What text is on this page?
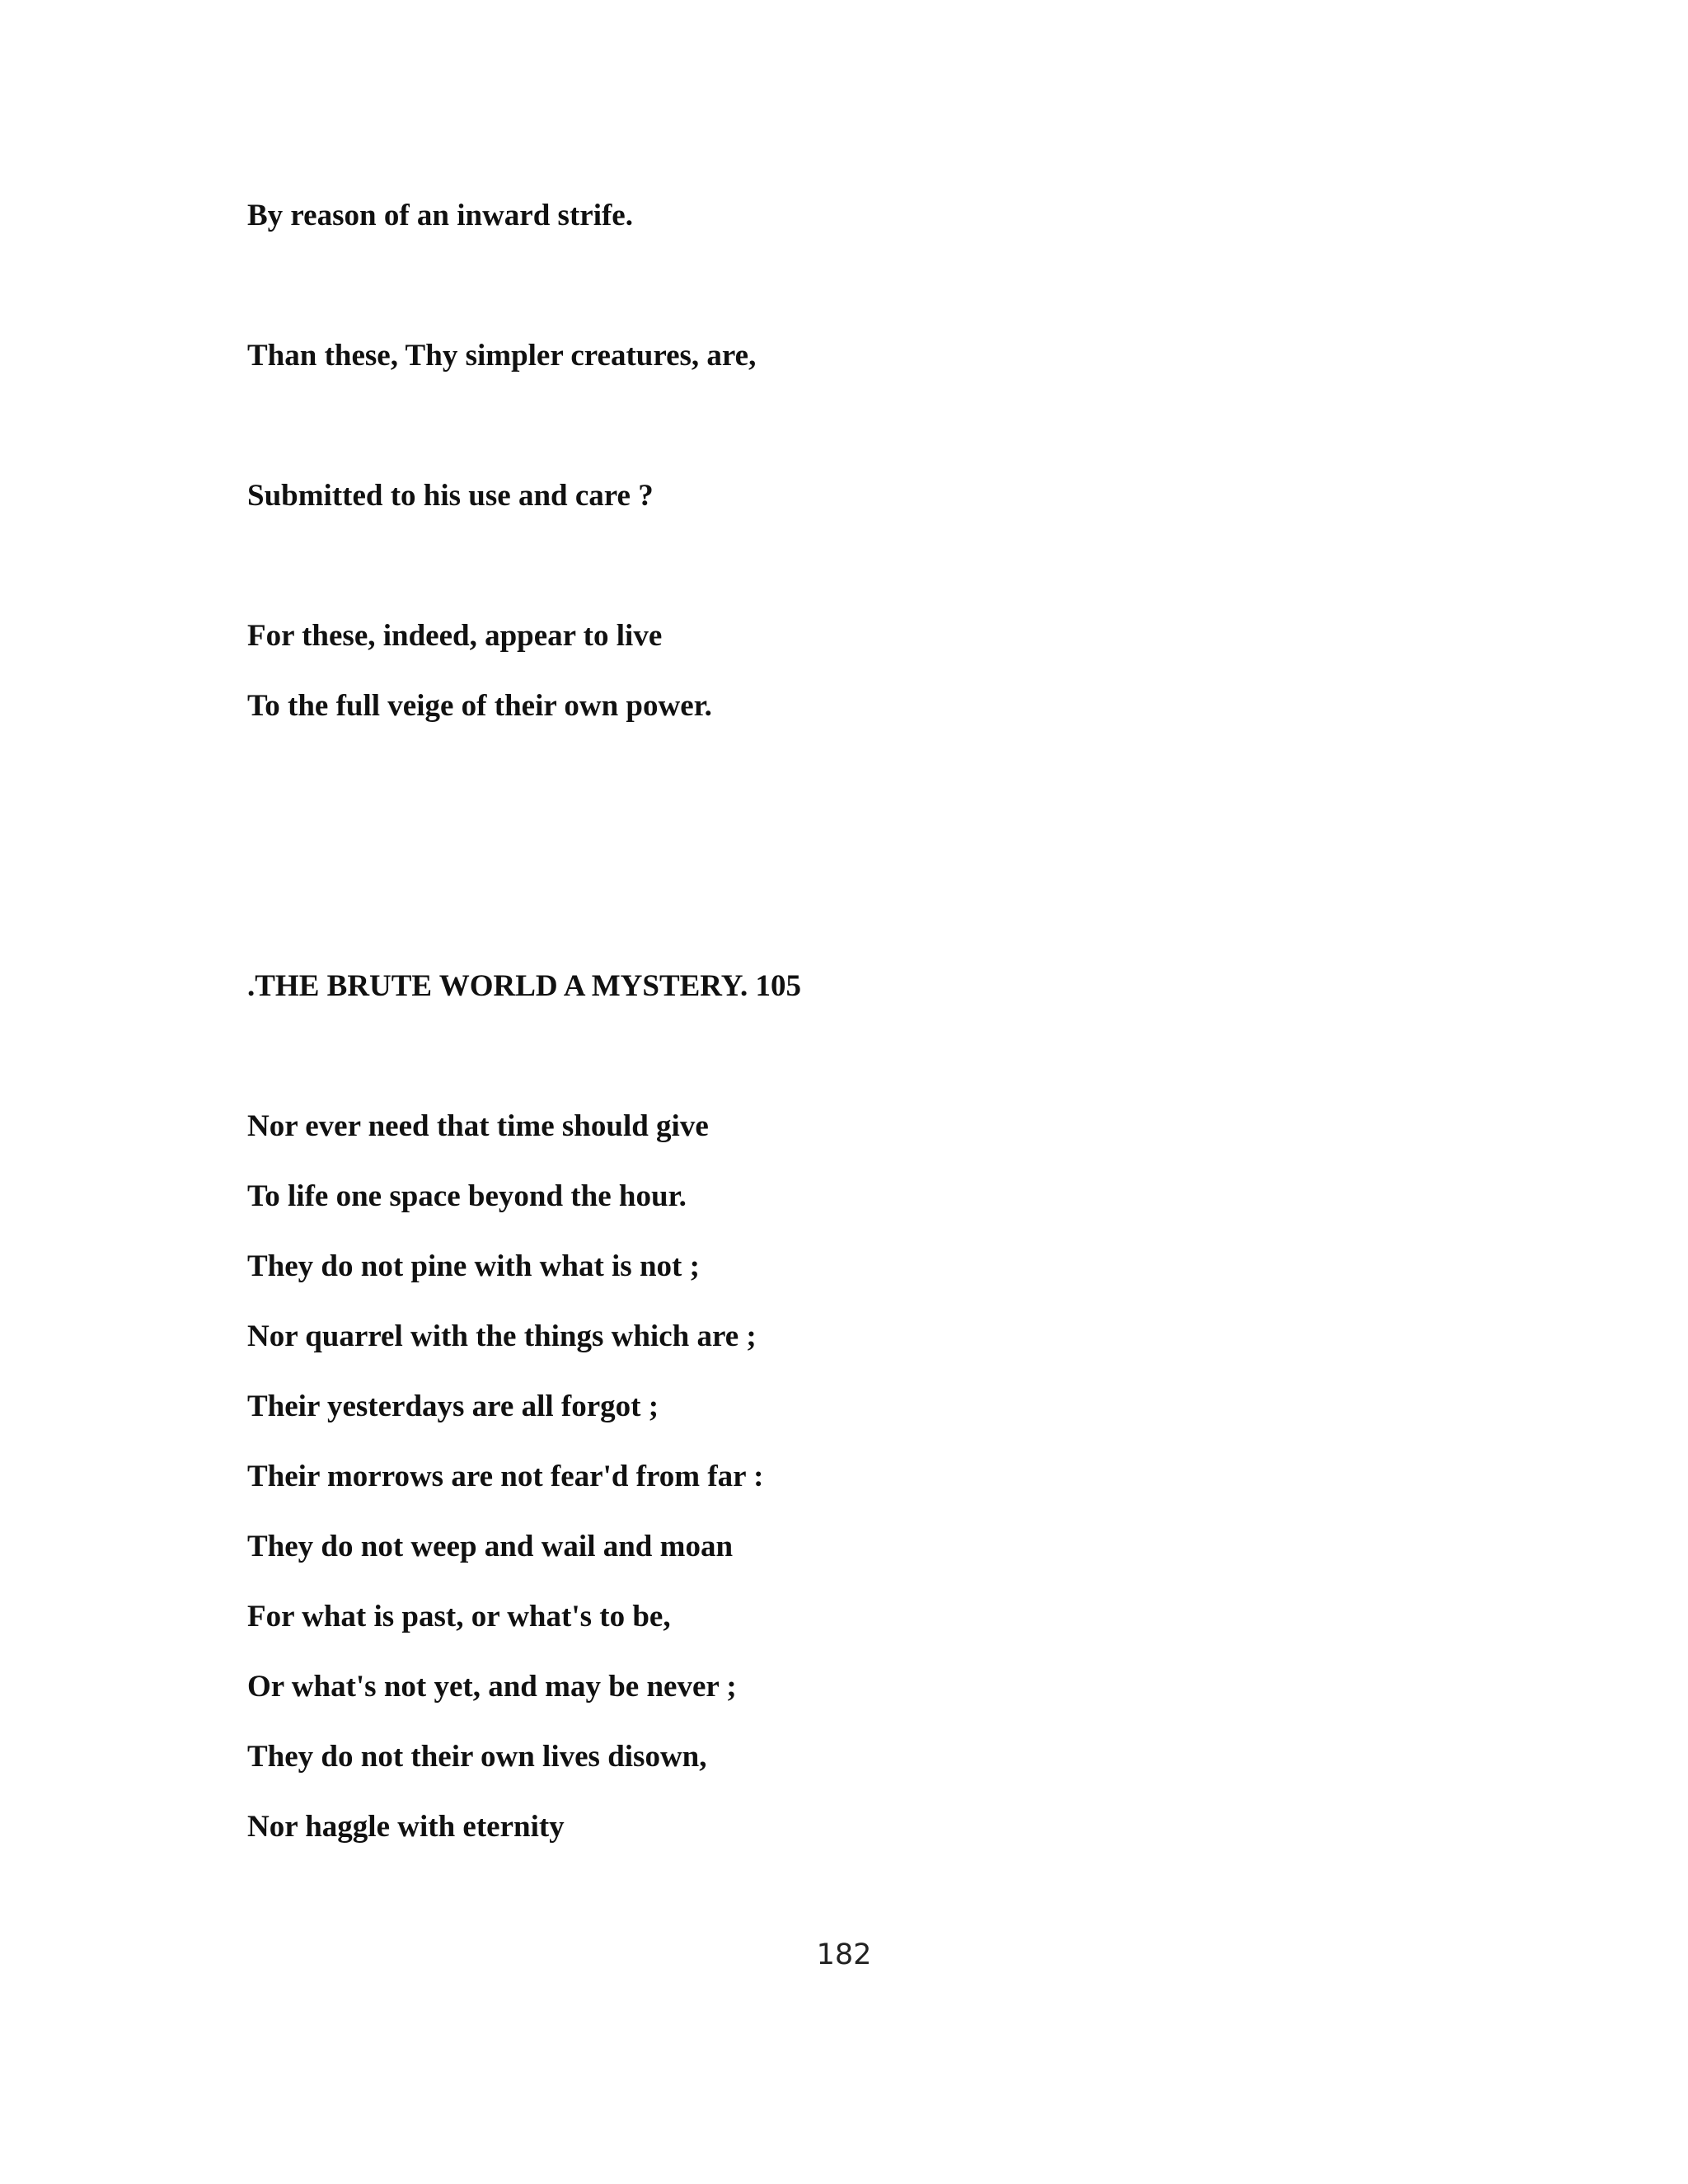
By reason of an inward strife.

Than these, Thy simpler creatures, are,

Submitted to his use and care ?

For these, indeed, appear to live

To the full veige of their own power.

.THE BRUTE WORLD A MYSTERY. 105

Nor ever need that time should give

To life one space beyond the hour.

They do not pine with what is not ;

Nor quarrel with the things which are ;

Their yesterdays are all forgot ;

Their morrows are not fear'd from far :

They do not weep and wail and moan

For what is past, or what's to be,

Or what's not yet, and may be never ;

They do not their own lives disown,

Nor haggle with eternity

182
